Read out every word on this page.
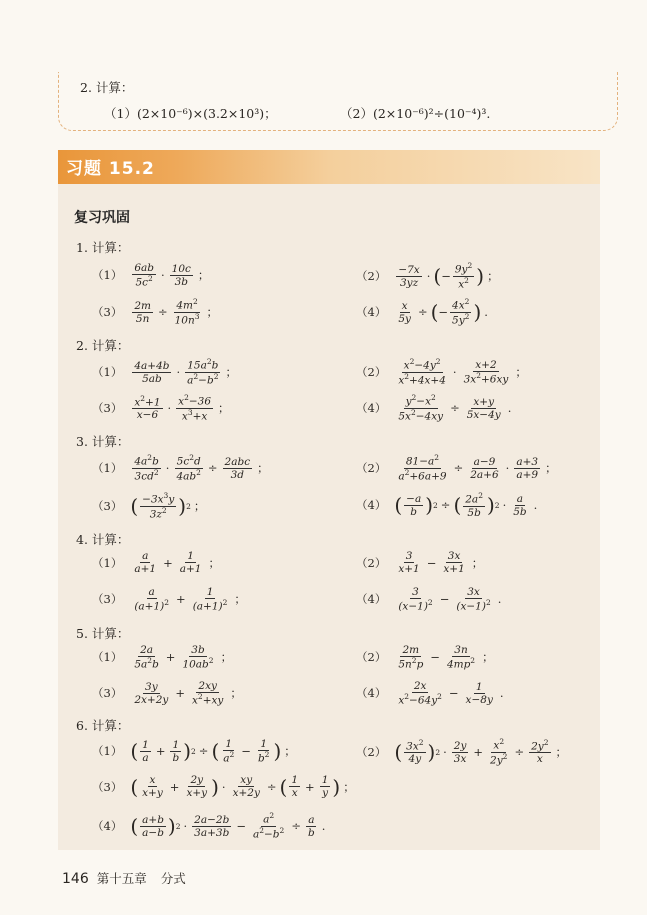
2. 计算：
（1）(2×10⁻⁶)×(3.2×10³)；	（2）(2×10⁻⁶)²÷(10⁻⁴)³.
习题 15.2
复习巩固
1. 计算：
$(1) \frac{6ab}{5c^2} \cdot \frac{10c}{3b}$ ；	$(2) \frac{-7x}{3yz}$ · ( − $\frac{9y^2}{x^2}$ ) ；
$(3) \frac{2m}{5n} \div \frac{4m^2}{10n^3}$ ；	$(4) \frac{x}{5y}$ ÷ ( − $\frac{4x^2}{5y^2}$ ) .
2. 计算：
$(1) \frac{4a+4b}{5ab} \cdot \frac{15a^2b}{a^2-b^2}$ ；	$(2) \frac{x^2-4y^2}{x^2+4x+4} \cdot \frac{x+2}{3x^2+6xy}$ ；
$(3) \frac{x^2+1}{x-6} \cdot \frac{x^2-36}{x^3+x}$ ；	$(4) \frac{y^2-x^2}{5x^2-4xy} \div \frac{x+y}{5x-4y}$ .
3. 计算：
$(1) \frac{4a^2b}{3cd^2} \cdot \frac{5c^2d}{4ab^2} \div \frac{\text{2abc}}{3d}$ ；	$(2) \frac{81-a^2}{a^2+6a+9} \div \frac{a-9}{2a+6} \cdot \frac{a+3}{a+9}$ ；
（3） ( $\frac{-3x^3y}{3z^2}$ ) 2 ；	（4） ( $\frac{-a}{b}$ ) 2 ÷ ( $\frac{2a^2}{5b}$ ) $2 \cdot \frac{a}{5b}$ .
4. 计算：
$(1) \frac{a}{a+1} + \frac{1}{a+1}$ ；	$(2) \frac{3}{x+1} - \frac{3x}{x+1}$ ；
$(3) \frac{a}{(a+1)^2} + \frac{1}{(a+1)^2}$ ；	$(4) \frac{3}{(x-1)^2} - \frac{3x}{(x-1)^2}$ .
5. 计算：
$(1) \frac{2a}{5a^2b} + \frac{3b}{10ab^2}$ ；	$(2) \frac{2m}{5n^2p} - \frac{3n}{4mp^2}$ ；
$(3) \frac{3y}{2x+2y} + \frac{2xy}{x^2+xy}$ ；	$(4) \frac{2x}{x^2-64y^2} - \frac{1}{x-8y}$ .
6. 计算：
（1） ( $\frac{1}{a} + \frac{1}{b}$ ) 2 ÷ ( $\frac{1}{a^2} - \frac{1}{b^2}$ ) ；	（2） ( $\frac{3x^2}{4y}$ ) $2 \cdot \frac{2y}{3x} + \frac{x^2}{2y^2} \div \frac{2y^2}{x}$ ；
（3） ( $\frac{x}{x+y} + \frac{2y}{x+y}$ ) · $\frac{xy}{x+2y}$ ÷ ( $\frac{1}{x} + \frac{1}{y}$ ) ；
（4） ( $\frac{a+b}{a-b}$ ) $2 \cdot \frac{2a-2b}{3a+3b} - \frac{a^2}{a^2-b^2} \div \frac{a}{b}$ .
146 第十五章 分式
